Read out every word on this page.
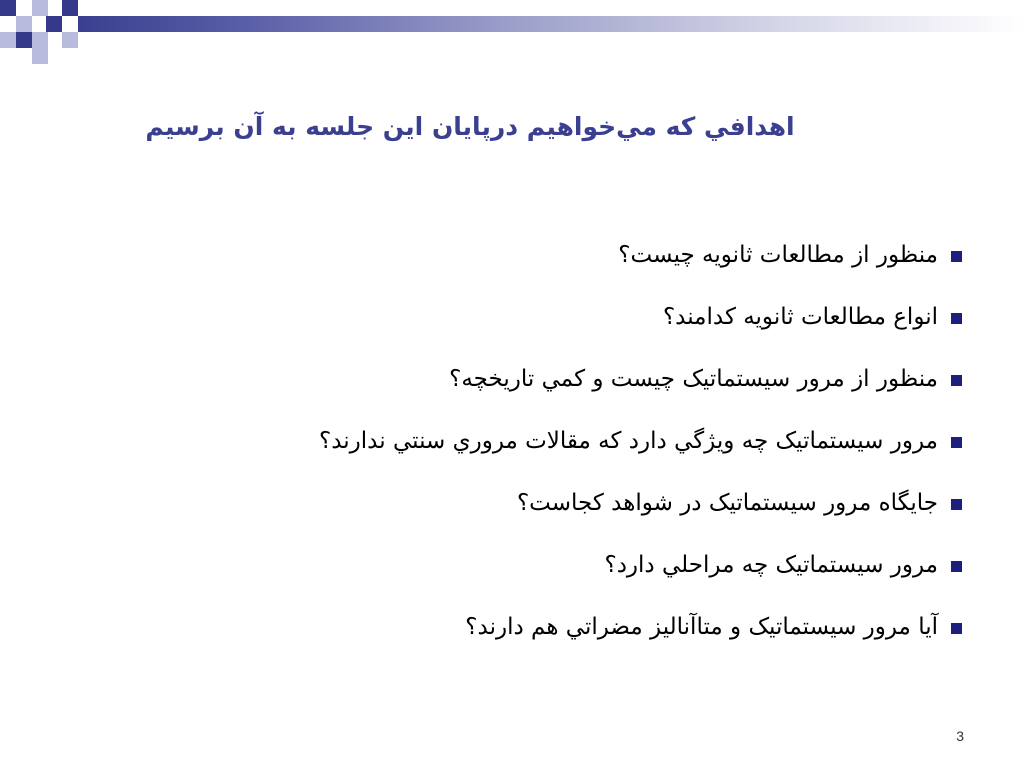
اهدافي که مي‌خواهيم درپايان اين جلسه به آن برسيم
منظور از مطالعات ثانويه چيست؟
انواع مطالعات ثانويه کدامند؟
منظور از مرور سيستماتيک چيست و کمي تاريخچه؟
مرور سيستماتيک چه ويژگي دارد که مقالات مروري سنتي ندارند؟
جايگاه مرور سيستماتيک در شواهد کجاست؟
مرور سيستماتيک چه مراحلي دارد؟
آيا مرور سيستماتيک و متاآناليز مضراتي هم دارند؟
3
